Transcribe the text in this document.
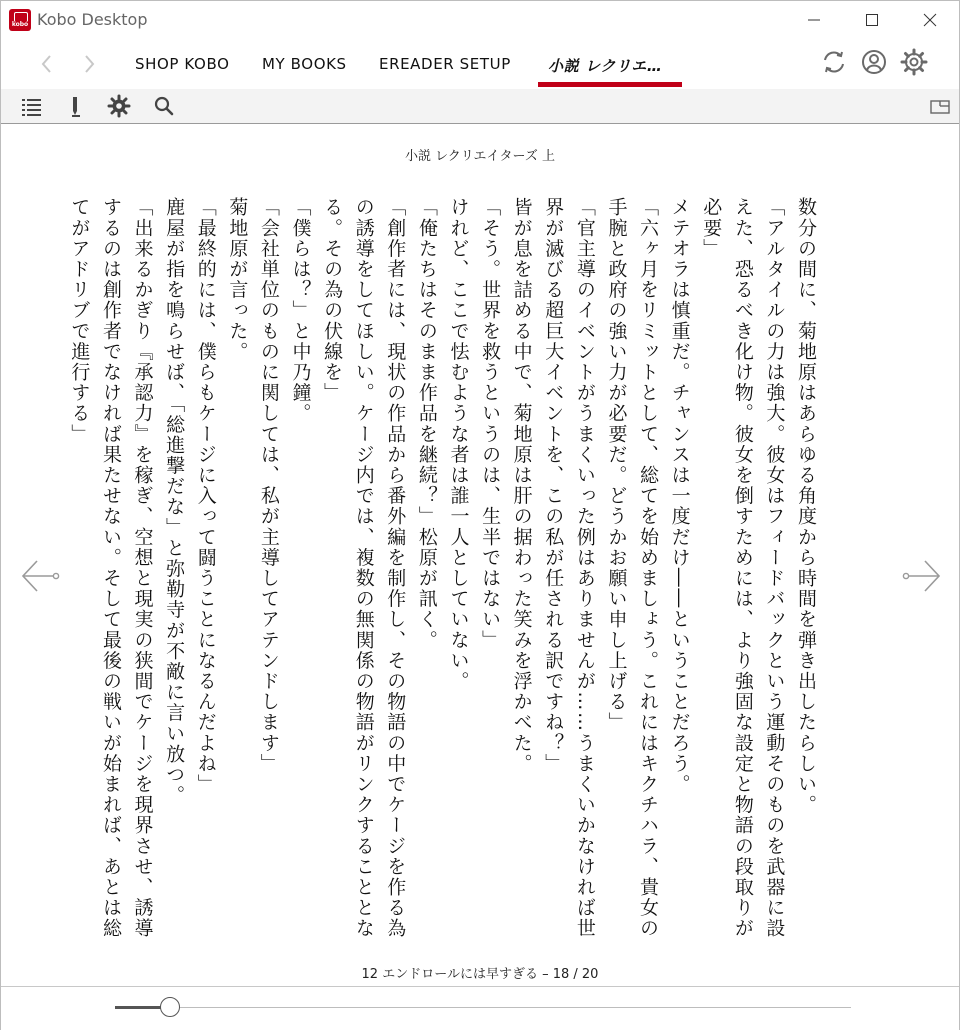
kobo Kobo Desktop
SHOP KOBO MY BOOKS EREADER SETUP 小説 レクリエ…
小説 レクリエイターズ 上

数分の間に、菊地原はあらゆる角度から時間を弾き出したらしい。

「アルタイルの力は強大。彼女はフィードバックという運動そのものを武器に設えた、恐るべき化け物。彼女を倒すためには、より強固な設定と物語の段取りが必要」

メテオラは慎重だ。チャンスは一度だけ――ということだろう。

「六ヶ月をリミットとして、総てを始めましょう。これにはキクチハラ、貴女の手腕と政府の強い力が必要だ。どうかお願い申し上げる」

「官主導のイベントがうまくいった例はありませんが……うまくいかなければ世界が滅びる超巨大イベントを、この私が任される訳ですね？」

皆が息を詰める中で、菊地原は肝の据わった笑みを浮かべた。

「そう。世界を救うというのは、生半ではない」

けれど、ここで怯むような者は誰一人としていない。

「俺たちはそのまま作品を継続？」松原が訊く。

「創作者には、現状の作品から番外編を制作し、その物語の中でケージを作る為の誘導をしてほしい。ケージ内では、複数の無関係の物語がリンクすることとなる。その為の伏線を」

「僕らは？」と中乃鐘。

「会社単位のものに関しては、私が主導してアテンドします」

菊地原が言った。

「最終的には、僕らもケージに入って闘うことになるんだよね」

鹿屋が指を鳴らせば、「総進撃だな」と弥勒寺が不敵に言い放つ。

「出来るかぎり『承認力』を稼ぎ、空想と現実の狭間でケージを現界させ、誘導するのは創作者でなければ果たせない。そして最後の戦いが始まれば、あとは総てがアドリブで進行する」

12 エンドロールには早すぎる – 18 / 20
